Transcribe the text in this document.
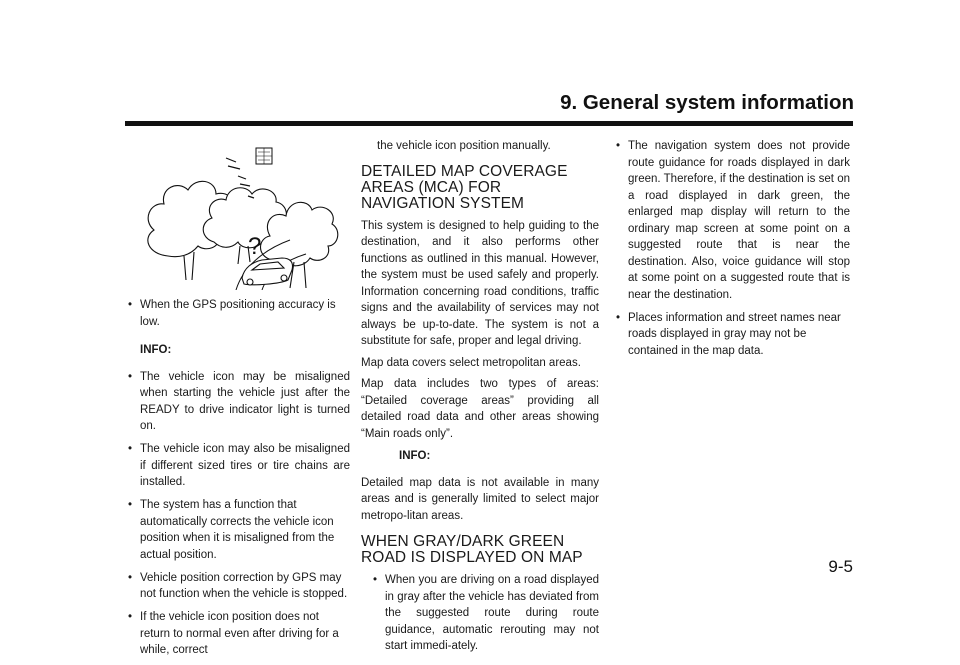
9. General system information
?
• When the GPS positioning accuracy is low.
INFO:
• The vehicle icon may be misaligned when starting the vehicle just after the READY to drive indicator light is turned on.
• The vehicle icon may also be misaligned if different sized tires or tire chains are installed.
• The system has a function that automatically corrects the vehicle icon position when it is misaligned from the actual position.
• Vehicle position correction by GPS may not function when the vehicle is stopped.
• If the vehicle icon position does not return to normal even after driving for a while, correct
the vehicle icon position manually.
DETAILED MAP COVERAGE AREAS (MCA) FOR NAVIGATION SYSTEM
This system is designed to help guiding to the destination, and it also performs other functions as outlined in this manual. However, the system must be used safely and properly. Information concerning road conditions, traffic signs and the availability of services may not always be up-to-date. The system is not a substitute for safe, proper and legal driving.
Map data covers select metropolitan areas.
Map data includes two types of areas: “Detailed coverage areas” providing all detailed road data and other areas showing “Main roads only”.
INFO:
Detailed map data is not available in many areas and is generally limited to select major metropo-litan areas.
WHEN GRAY/DARK GREEN ROAD IS DISPLAYED ON MAP
• When you are driving on a road displayed in gray after the vehicle has deviated from the suggested route during route guidance, automatic rerouting may not start immedi-ately.
• The navigation system does not provide route guidance for roads displayed in dark green. Therefore, if the destination is set on a road displayed in dark green, the enlarged map display will return to the ordinary map screen at some point on a suggested route that is near the destination. Also, voice guidance will stop at some point on a suggested route that is near the destination.
• Places information and street names near roads displayed in gray may not be contained in the map data.
9-5
